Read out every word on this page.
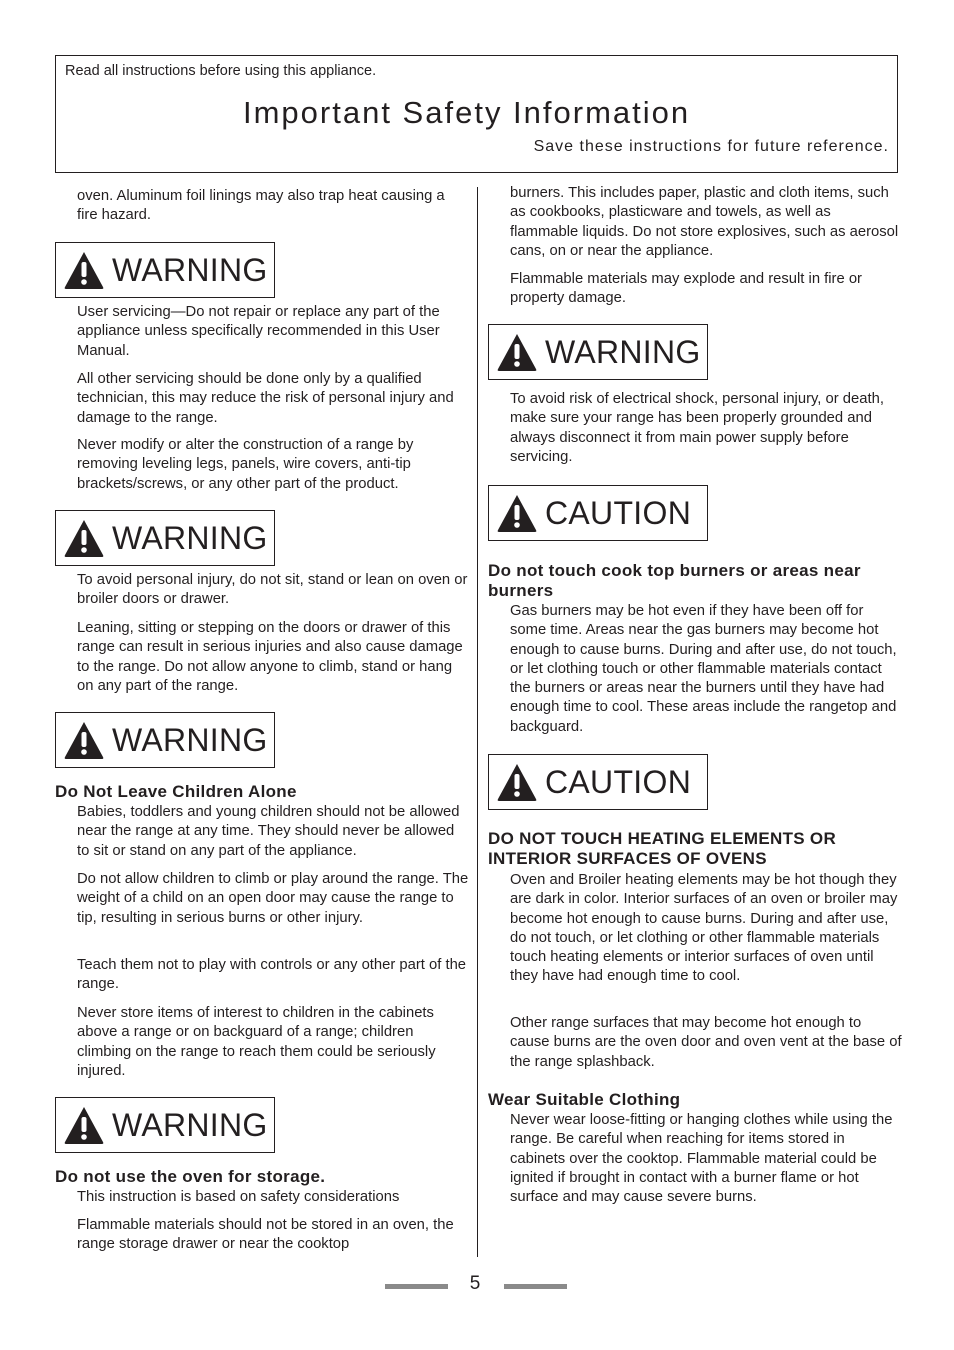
Read all instructions before using this appliance.
Important Safety Information
Save these instructions for future reference.

oven. Aluminum foil linings may also trap heat causing a fire hazard.

WARNING

User servicing—Do not repair or replace any part of the appliance unless specifically recommended in this User Manual.

All other servicing should be done only by a qualified technician, this may reduce the risk of personal injury and damage to the range.

Never modify or alter the construction of a range by removing leveling legs, panels, wire covers, anti-tip brackets/screws, or any other part of the product.

WARNING

To avoid personal injury, do not sit, stand or lean on oven or broiler doors or drawer.

Leaning, sitting or stepping on the doors or drawer of this range can result in serious injuries and also cause damage to the range. Do not allow anyone to climb, stand or hang on any part of the range.

WARNING
Do Not Leave Children Alone

Babies, toddlers and young children should not be allowed near the range at any time. They should never be allowed to sit or stand on any part of the appliance.

Do not allow children to climb or play around the range. The weight of a child on an open door may cause the range to tip, resulting in serious burns or other injury.

Teach them not to play with controls or any other part of the range.

Never store items of interest to children in the cabinets above a range or on backguard of a range; children climbing on the range to reach them could be seriously injured.

WARNING
Do not use the oven for storage.

This instruction is based on safety considerations

Flammable materials should not be stored in an oven, the range storage drawer or near the cooktop

burners. This includes paper, plastic and cloth items, such as cookbooks, plasticware and towels, as well as flammable liquids. Do not store explosives, such as aerosol cans, on or near the appliance.

Flammable materials may explode and result in fire or property damage.

WARNING

To avoid risk of electrical shock, personal injury, or death, make sure your range has been properly grounded and always disconnect it from main power supply before servicing.

CAUTION
Do not touch cook top burners or areas near burners

Gas burners may be hot even if they have been off for some time. Areas near the gas burners may become hot enough to cause burns. During and after use, do not touch, or let clothing touch or other flammable materials contact the burners or areas near the burners until they have had enough time to cool. These areas include the rangetop and backguard.

CAUTION
DO NOT TOUCH HEATING ELEMENTS OR INTERIOR SURFACES OF OVENS

Oven and Broiler heating elements may be hot though they are dark in color. Interior surfaces of an oven or broiler may become hot enough to cause burns. During and after use, do not touch, or let clothing or other flammable materials touch heating elements or interior surfaces of oven until they have had enough time to cool.

Other range surfaces that may become hot enough to cause burns are the oven door and oven vent at the base of the range splashback.

Wear Suitable Clothing

Never wear loose-fitting or hanging clothes while using the range. Be careful when reaching for items stored in cabinets over the cooktop. Flammable material could be ignited if brought in contact with a burner flame or hot surface and may cause severe burns.

5
